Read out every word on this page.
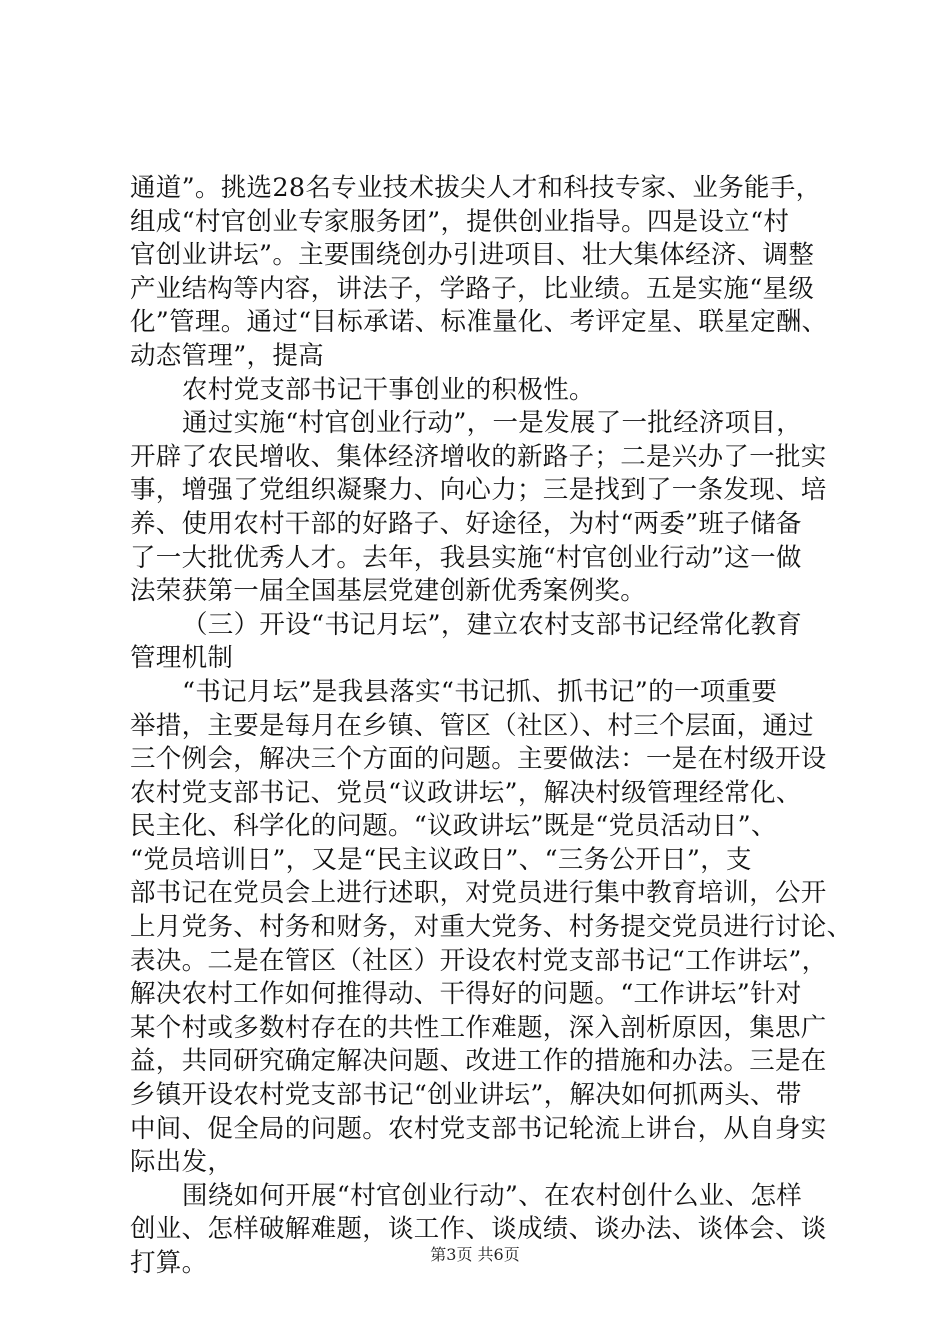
通道”。挑选28名专业技术拔尖人才和科技专家、业务能手，
组成“村官创业专家服务团”，提供创业指导。四是设立“村
官创业讲坛”。主要围绕创办引进项目、壮大集体经济、调整
产业结构等内容，讲法子，学路子，比业绩。五是实施“星级
化”管理。通过“目标承诺、标准量化、考评定星、联星定酬、
动态管理”，提高
农村党支部书记干事创业的积极性。
通过实施“村官创业行动”，一是发展了一批经济项目，
开辟了农民增收、集体经济增收的新路子；二是兴办了一批实
事，增强了党组织凝聚力、向心力；三是找到了一条发现、培
养、使用农村干部的好路子、好途径，为村“两委”班子储备
了一大批优秀人才。去年，我县实施“村官创业行动”这一做
法荣获第一届全国基层党建创新优秀案例奖。
（三）开设“书记月坛”，建立农村支部书记经常化教育
管理机制
“书记月坛”是我县落实“书记抓、抓书记”的一项重要
举措，主要是每月在乡镇、管区（社区）、村三个层面，通过
三个例会，解决三个方面的问题。主要做法：一是在村级开设
农村党支部书记、党员“议政讲坛”，解决村级管理经常化、
民主化、科学化的问题。“议政讲坛”既是“党员活动日”、
“党员培训日”，又是“民主议政日”、“三务公开日”，支
部书记在党员会上进行述职，对党员进行集中教育培训，公开
上月党务、村务和财务，对重大党务、村务提交党员进行讨论、
表决。二是在管区（社区）开设农村党支部书记“工作讲坛”，
解决农村工作如何推得动、干得好的问题。“工作讲坛”针对
某个村或多数村存在的共性工作难题，深入剖析原因，集思广
益，共同研究确定解决问题、改进工作的措施和办法。三是在
乡镇开设农村党支部书记“创业讲坛”，解决如何抓两头、带
中间、促全局的问题。农村党支部书记轮流上讲台，从自身实
际出发，
围绕如何开展“村官创业行动”、在农村创什么业、怎样
创业、怎样破解难题，谈工作、谈成绩、谈办法、谈体会、谈
打算。	第3页 共6页
